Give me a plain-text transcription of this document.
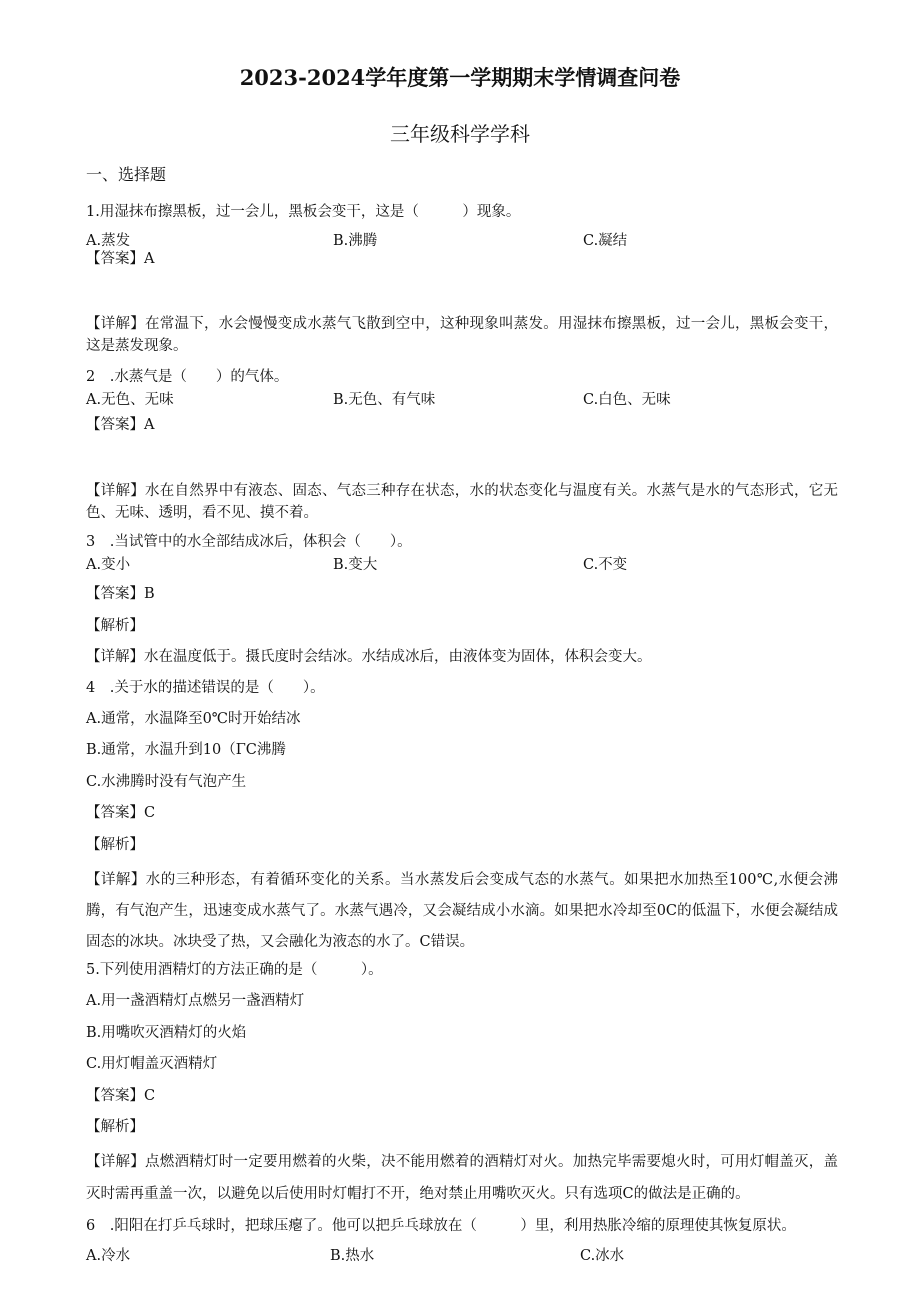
2023-2024学年度第一学期期末学情调查问卷
三年级科学学科
一、选择题
1.用湿抹布擦黑板，过一会儿，黑板会变干，这是（　　　）现象。
A.蒸发	B.沸腾	C.凝结
【答案】A
【详解】在常温下，水会慢慢变成水蒸气飞散到空中，这种现象叫蒸发。用湿抹布擦黑板，过一会儿，黑板会变干，这是蒸发现象。
2　.水蒸气是（　　）的气体。
A.无色、无味	B.无色、有气味	C.白色、无味
【答案】A
【详解】水在自然界中有液态、固态、气态三种存在状态，水的状态变化与温度有关。水蒸气是水的气态形式，它无色、无味、透明，看不见、摸不着。
3　.当试管中的水全部结成冰后，体积会（　　）。
A.变小	B.变大	C.不变
【答案】B
【解析】
【详解】水在温度低于。摄氏度时会结冰。水结成冰后，由液体变为固体，体积会变大。
4　.关于水的描述错误的是（　　）。
A.通常，水温降至0℃时开始结冰
B.通常，水温升到10（ΓC沸腾
C.水沸腾时没有气泡产生
【答案】C
【解析】
【详解】水的三种形态，有着循环变化的关系。当水蒸发后会变成气态的水蒸气。如果把水加热至100℃,水便会沸腾，有气泡产生，迅速变成水蒸气了。水蒸气遇冷，又会凝结成小水滴。如果把水冷却至0C的低温下，水便会凝结成固态的冰块。冰块受了热，又会融化为液态的水了。C错误。
5.下列使用酒精灯的方法正确的是（　　　）。
A.用一盏酒精灯点燃另一盏酒精灯
B.用嘴吹灭酒精灯的火焰
C.用灯帽盖灭酒精灯
【答案】C
【解析】
【详解】点燃酒精灯时一定要用燃着的火柴，决不能用燃着的酒精灯对火。加热完毕需要熄火时，可用灯帽盖灭，盖灭时需再重盖一次，以避免以后使用时灯帽打不开，绝对禁止用嘴吹灭火。只有选项C的做法是正确的。
6　.阳阳在打乒乓球时，把球压瘪了。他可以把乒乓球放在（　　　）里，利用热胀冷缩的原理使其恢复原状。
A.冷水	B.热水	C.冰水
